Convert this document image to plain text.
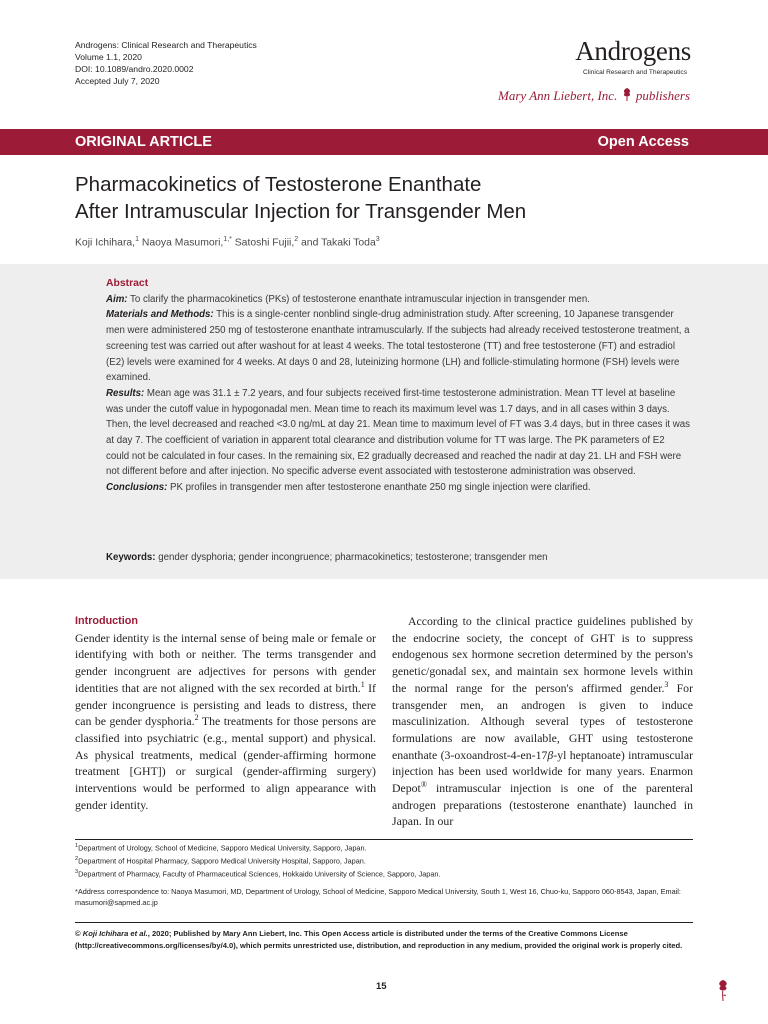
Androgens: Clinical Research and Therapeutics
Volume 1.1, 2020
DOI: 10.1089/andro.2020.0002
Accepted July 7, 2020
Androgens
Clinical Research and Therapeutics
Mary Ann Liebert, Inc. publishers
ORIGINAL ARTICLE	Open Access
Pharmacokinetics of Testosterone Enanthate
After Intramuscular Injection for Transgender Men
Koji Ichihara,$^1$ Naoya Masumori,$^{1,*}$ Satoshi Fujii,$^2$ and Takaki Toda$^3$
Abstract

Aim: To clarify the pharmacokinetics (PKs) of testosterone enanthate intramuscular injection in transgender men.

Materials and Methods: This is a single-center nonblind single-drug administration study. After screening, 10 Japanese transgender men were administered 250 mg of testosterone enanthate intramuscularly. If the subjects had already received testosterone treatment, a screening test was carried out after washout for at least 4 weeks. The total testosterone (TT) and free testosterone (FT) and estradiol (E2) levels were examined for 4 weeks. At days 0 and 28, luteinizing hormone (LH) and follicle-stimulating hormone (FSH) levels were examined.

Results: Mean age was 31.1 ± 7.2 years, and four subjects received first-time testosterone administration. Mean TT level at baseline was under the cutoff value in hypogonadal men. Mean time to reach its maximum level was 1.7 days, and in all cases within 3 days. Then, the level decreased and reached <3.0 ng/mL at day 21. Mean time to maximum level of FT was 3.4 days, but in three cases it was at day 7. The coefficient of variation in apparent total clearance and distribution volume for TT was large. The PK parameters of E2 could not be calculated in four cases. In the remaining six, E2 gradually decreased and reached the nadir at day 21. LH and FSH were not different before and after injection. No specific adverse event associated with testosterone administration was observed.

Conclusions: PK profiles in transgender men after testosterone enanthate 250 mg single injection were clarified.

Keywords: gender dysphoria; gender incongruence; pharmacokinetics; testosterone; transgender men
Introduction

Gender identity is the internal sense of being male or female or identifying with both or neither. The terms transgender and gender incongruent are adjectives for persons with gender identities that are not aligned with the sex recorded at birth.$^1$ If gender incongruence is persisting and leads to distress, there can be gender dysphoria.$^2$ The treatments for those persons are classified into psychiatric (e.g., mental support) and physical. As physical treatments, medical (gender-affirming hormone treatment [GHT]) or surgical (gender-affirming surgery) interventions would be performed to align appearance with gender identity.

According to the clinical practice guidelines published by the endocrine society, the concept of GHT is to suppress endogenous sex hormone secretion determined by the person's genetic/gonadal sex, and maintain sex hormone levels within the normal range for the person's affirmed gender.$^3$ For transgender men, an androgen is given to induce masculinization. Although several types of testosterone formulations are now available, GHT using testosterone enanthate (3-oxoandrost-4-en-17β-yl heptanoate) intramuscular injection has been used worldwide for many years. Enarmon Depot® intramuscular injection is one of the parenteral androgen preparations (testosterone enanthate) launched in Japan. In our

$^1$Department of Urology, School of Medicine, Sapporo Medical University, Sapporo, Japan.
$^2$Department of Hospital Pharmacy, Sapporo Medical University Hospital, Sapporo, Japan.
$^3$Department of Pharmacy, Faculty of Pharmaceutical Sciences, Hokkaido University of Science, Sapporo, Japan.
*Address correspondence to: Naoya Masumori, MD, Department of Urology, School of Medicine, Sapporo Medical University, South 1, West 16, Chuo-ku, Sapporo 060-8543, Japan, Email: masumori@sapmed.ac.jp
© Koji Ichihara et al., 2020; Published by Mary Ann Liebert, Inc. This Open Access article is distributed under the terms of the Creative Commons License (http://creativecommons.org/licenses/by/4.0), which permits unrestricted use, distribution, and reproduction in any medium, provided the original work is properly cited.
15
